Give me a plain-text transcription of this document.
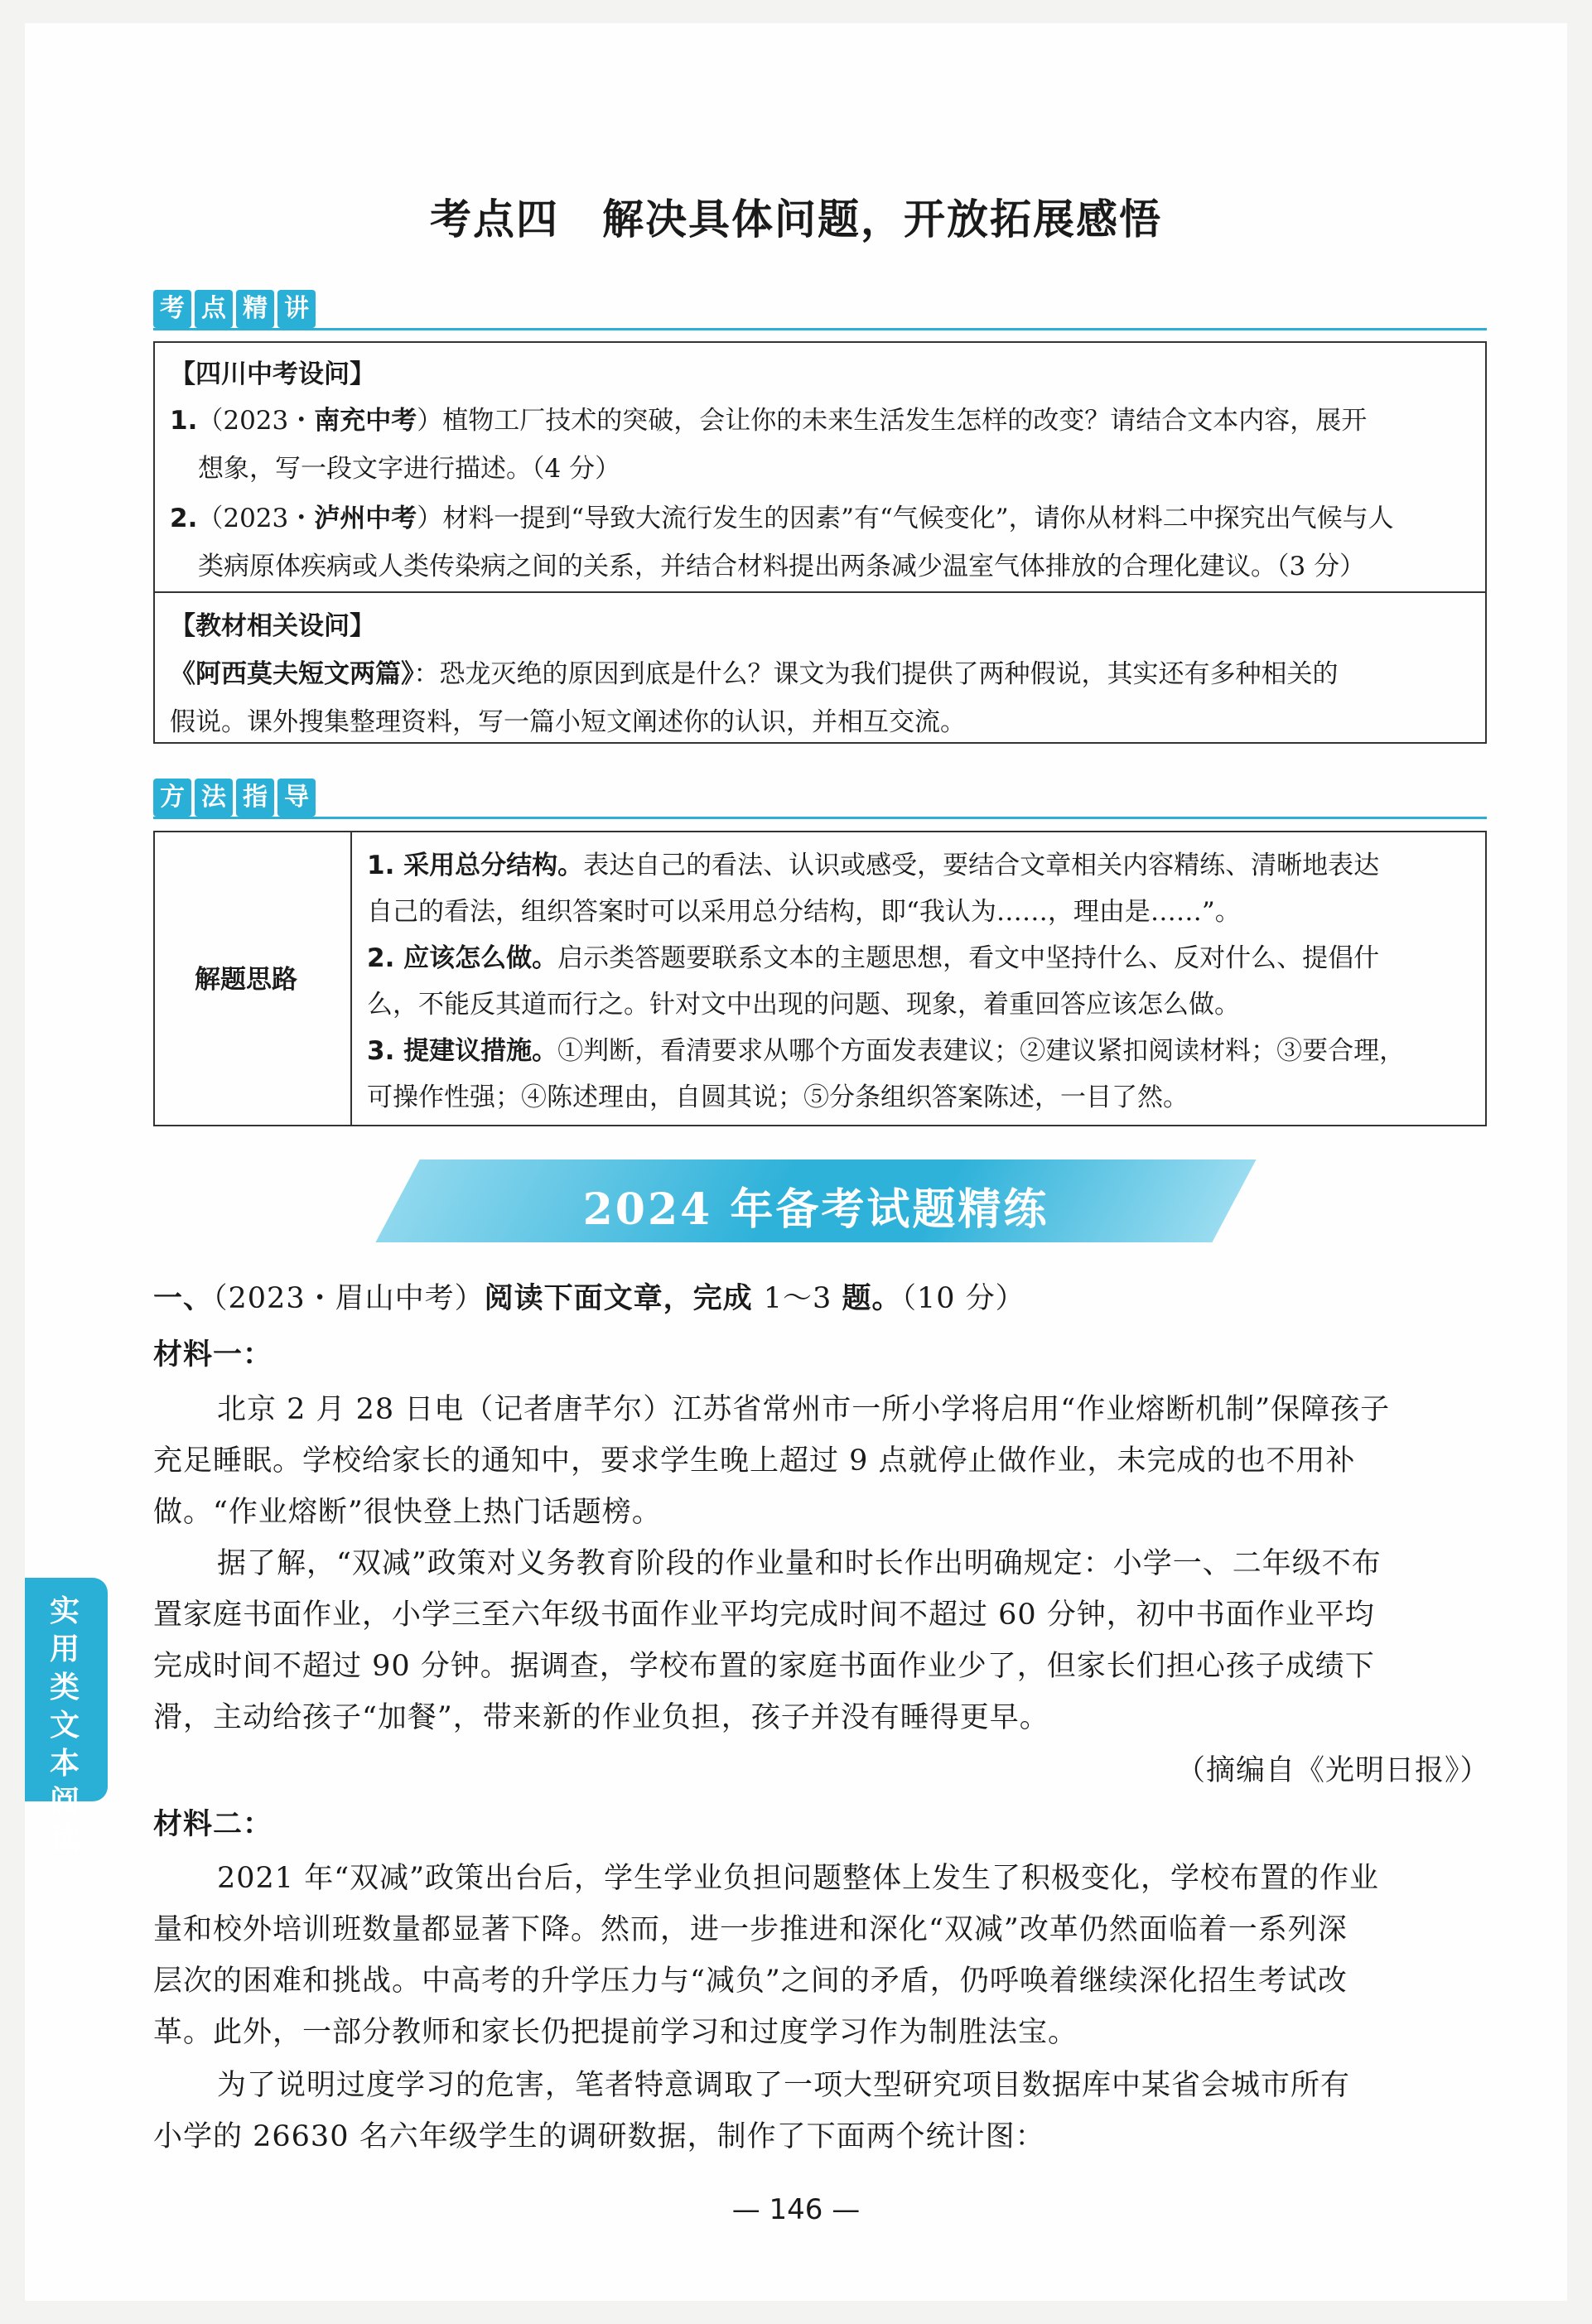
考点四　解决具体问题，开放拓展感悟
考 点 精 讲
【四川中考设问】
1.（2023・南充中考）植物工厂技术的突破，会让你的未来生活发生怎样的改变？请结合文本内容，展开
想象，写一段文字进行描述。（4 分）
2.（2023・泸州中考）材料一提到“导致大流行发生的因素”有“气候变化”，请你从材料二中探究出气候与人
类病原体疾病或人类传染病之间的关系，并结合材料提出两条减少温室气体排放的合理化建议。（3 分）
【教材相关设问】
《阿西莫夫短文两篇》：恐龙灭绝的原因到底是什么？课文为我们提供了两种假说，其实还有多种相关的
假说。课外搜集整理资料，写一篇小短文阐述你的认识，并相互交流。
方 法 指 导
解题思路
1. 采用总分结构。表达自己的看法、认识或感受，要结合文章相关内容精练、清晰地表达
自己的看法，组织答案时可以采用总分结构，即“我认为……，理由是……”。
2. 应该怎么做。启示类答题要联系文本的主题思想，看文中坚持什么、反对什么、提倡什
么，不能反其道而行之。针对文中出现的问题、现象，着重回答应该怎么做。
3. 提建议措施。①判断，看清要求从哪个方面发表建议；②建议紧扣阅读材料；③要合理，
可操作性强；④陈述理由，自圆其说；⑤分条组织答案陈述，一目了然。
2024 年备考试题精练
一、（2023・眉山中考）阅读下面文章，完成 1～3 题。（10 分）
材料一：
北京 2 月 28 日电（记者唐芊尔）江苏省常州市一所小学将启用“作业熔断机制”保障孩子
充足睡眠。学校给家长的通知中，要求学生晚上超过 9 点就停止做作业，未完成的也不用补
做。“作业熔断”很快登上热门话题榜。
据了解，“双减”政策对义务教育阶段的作业量和时长作出明确规定：小学一、二年级不布
置家庭书面作业，小学三至六年级书面作业平均完成时间不超过 60 分钟，初中书面作业平均
完成时间不超过 90 分钟。据调查，学校布置的家庭书面作业少了，但家长们担心孩子成绩下
滑，主动给孩子“加餐”，带来新的作业负担，孩子并没有睡得更早。
（摘编自《光明日报》）
材料二：
2021 年“双减”政策出台后，学生学业负担问题整体上发生了积极变化，学校布置的作业
量和校外培训班数量都显著下降。然而，进一步推进和深化“双减”改革仍然面临着一系列深
层次的困难和挑战。中高考的升学压力与“减负”之间的矛盾，仍呼唤着继续深化招生考试改
革。此外，一部分教师和家长仍把提前学习和过度学习作为制胜法宝。
为了说明过度学习的危害，笔者特意调取了一项大型研究项目数据库中某省会城市所有
小学的 26630 名六年级学生的调研数据，制作了下面两个统计图：
实用类文本阅读
— 146 —
